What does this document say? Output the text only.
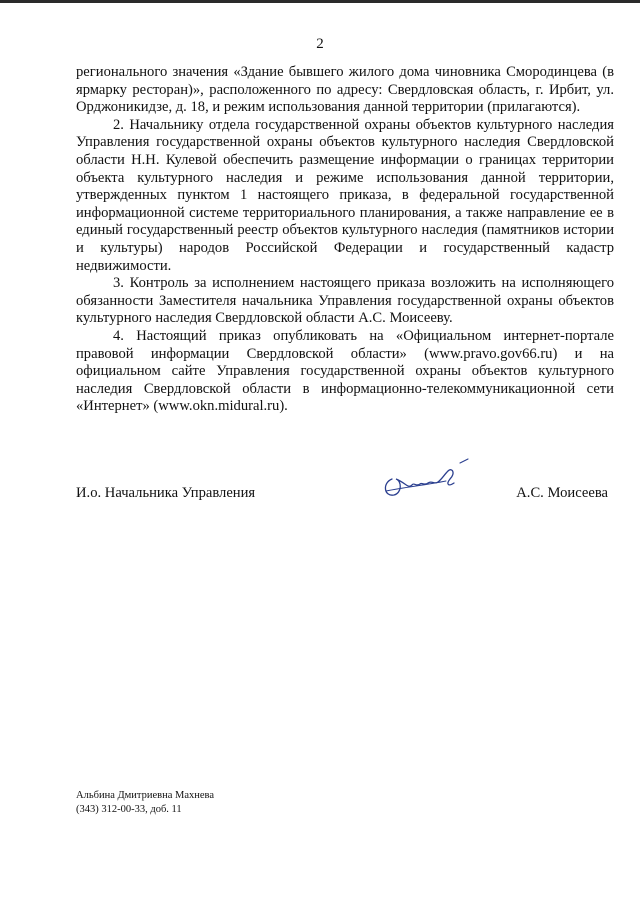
2

регионального значения «Здание бывшего жилого дома чиновника Смородинцева (в ярмарку ресторан)», расположенного по адресу: Свердловская область, г. Ирбит, ул. Орджоникидзе, д. 18, и режим использования данной территории (прилагаются).

2. Начальнику отдела государственной охраны объектов культурного наследия Управления государственной охраны объектов культурного наследия Свердловской области Н.Н. Кулевой обеспечить размещение информации о границах территории объекта культурного наследия и режиме использования данной территории, утвержденных пунктом 1 настоящего приказа, в федеральной государственной информационной системе территориального планирования, а также направление ее в единый государственный реестр объектов культурного наследия (памятников истории и культуры) народов Российской Федерации и государственный кадастр недвижимости.

3. Контроль за исполнением настоящего приказа возложить на исполняющего обязанности Заместителя начальника Управления государственной охраны объектов культурного наследия Свердловской области А.С. Моисееву.

4. Настоящий приказ опубликовать на «Официальном интернет-портале правовой информации Свердловской области» (www.pravo.gov66.ru) и на официальном сайте Управления государственной охраны объектов культурного наследия Свердловской области в информационно-телекоммуникационной сети «Интернет» (www.okn.midural.ru).

И.о. Начальника Управления	А.С. Моисеева
Альбина Дмитриевна Махнева
(343) 312-00-33, доб. 11
